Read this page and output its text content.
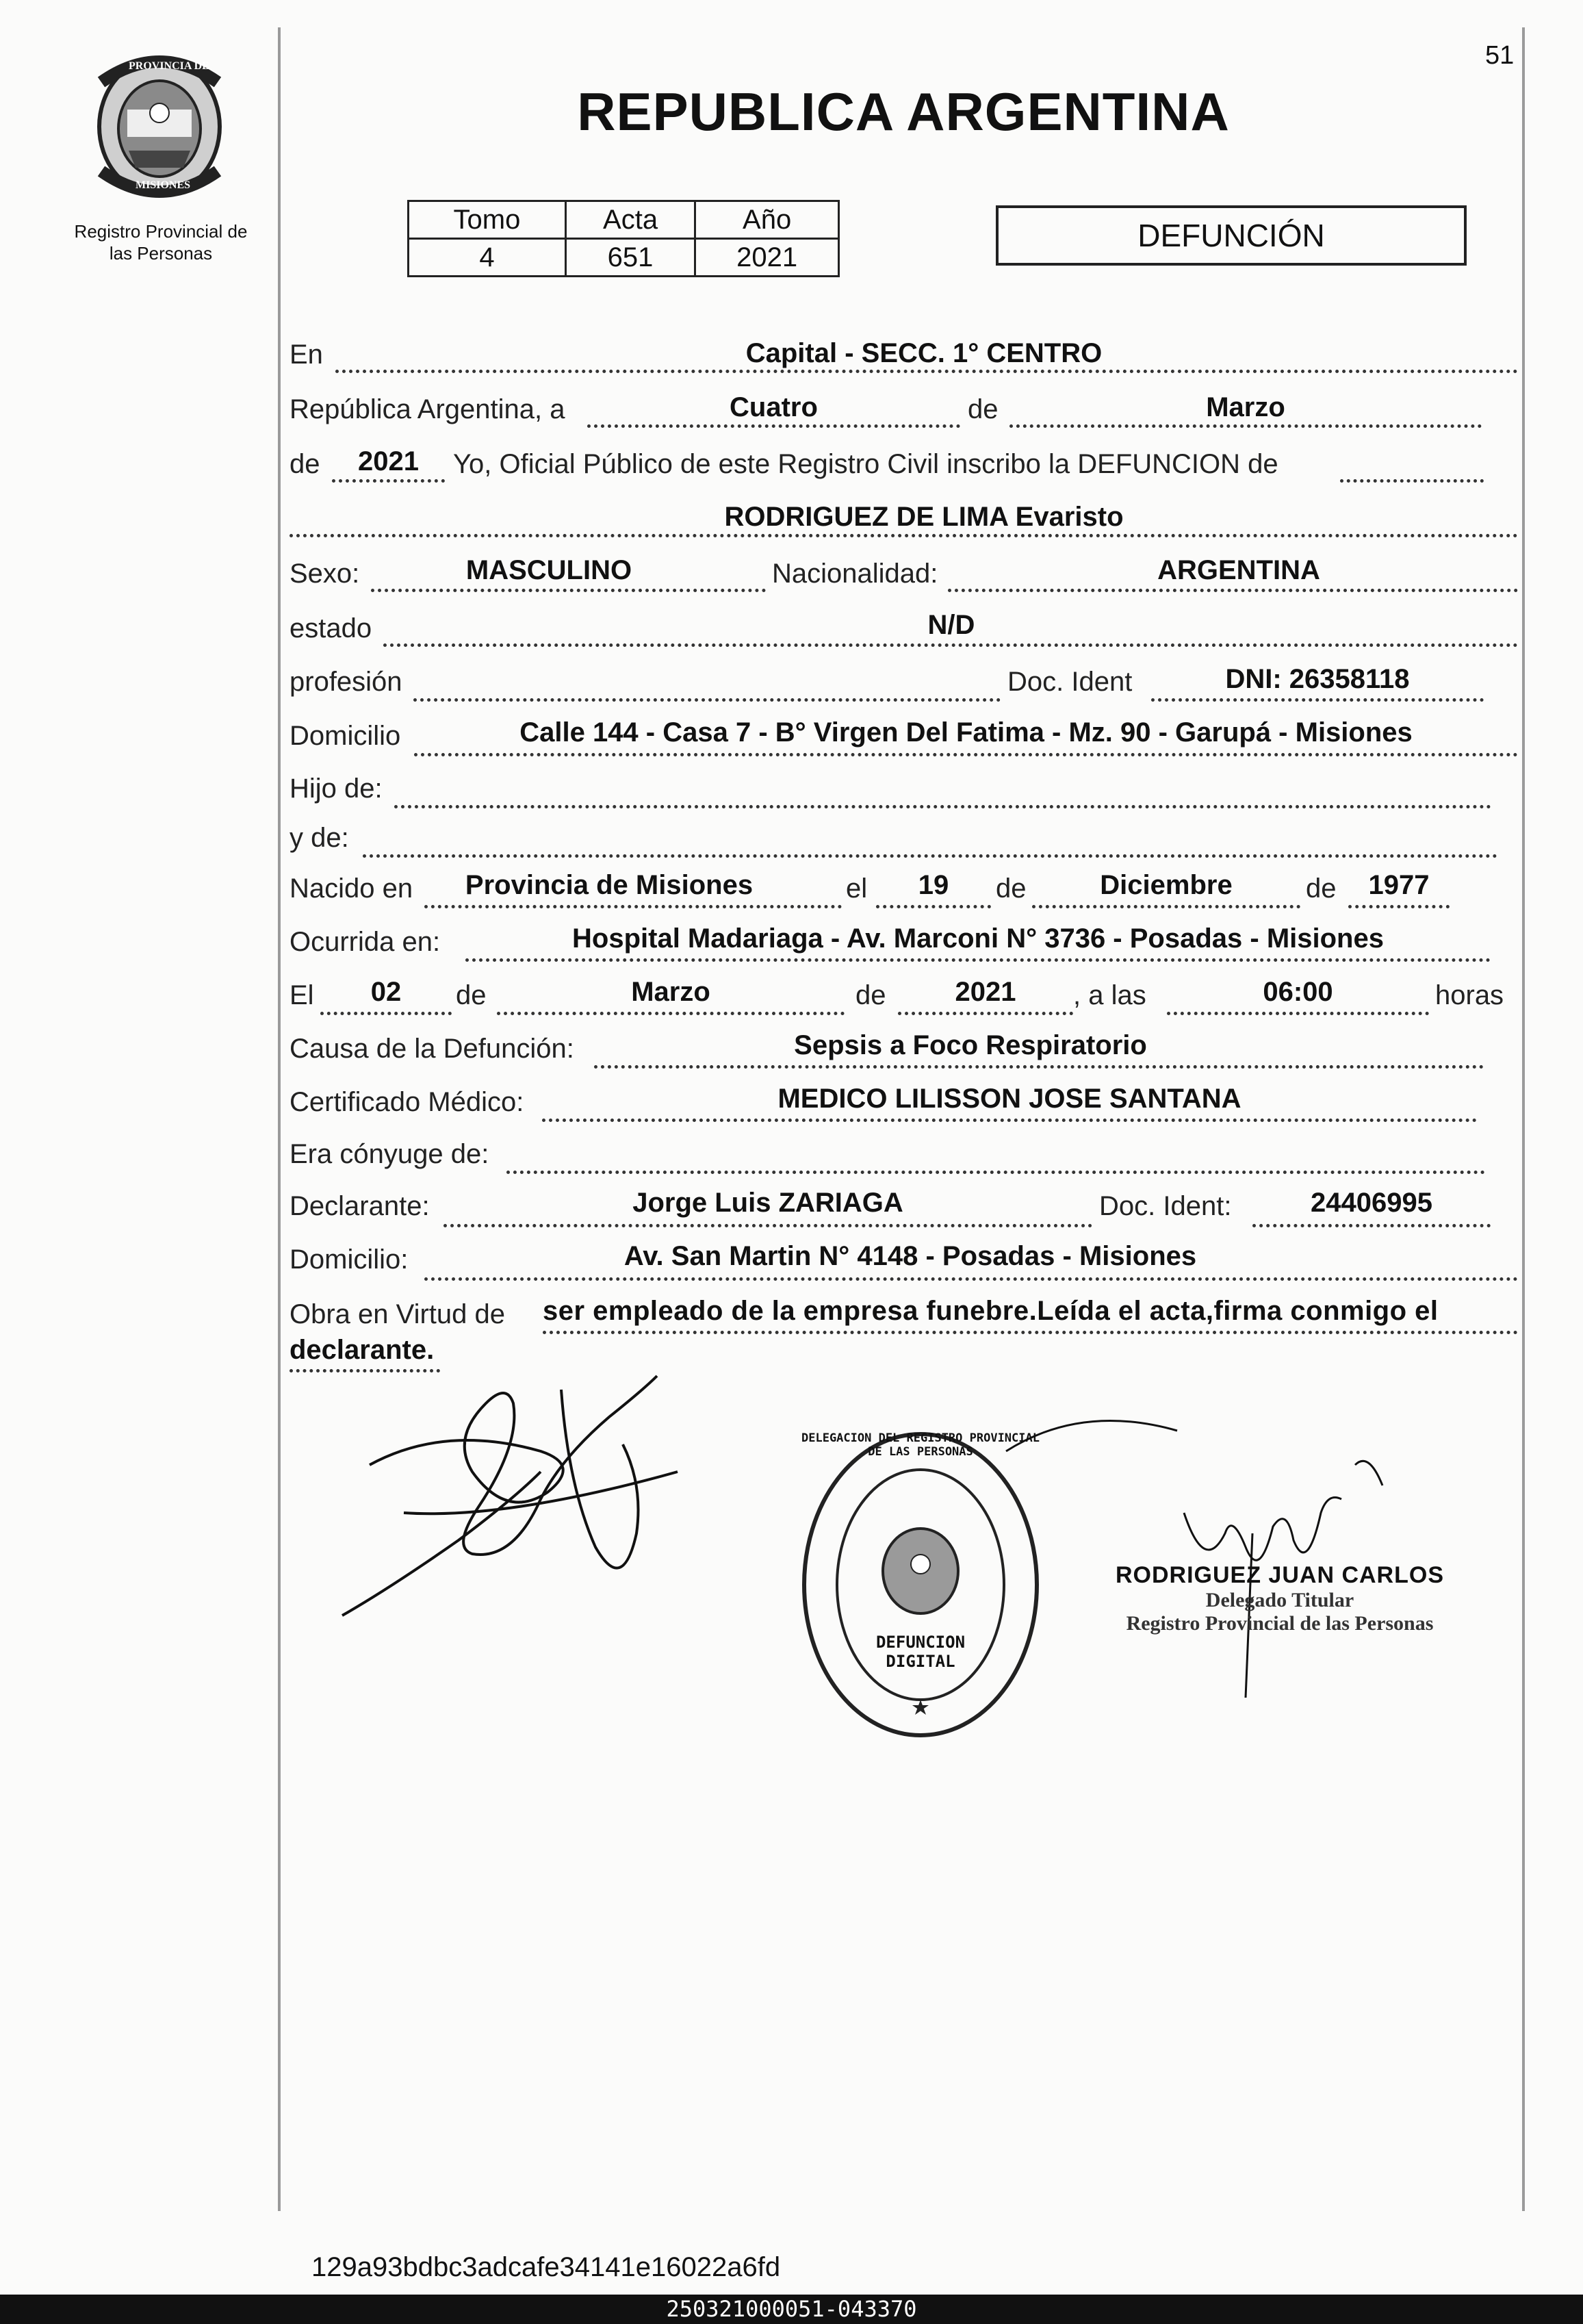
51
PROVINCIA DE
MISIONES
Registro Provincial de
las Personas
REPUBLICA ARGENTINA
Tomo	Acta	Año
4	651	2021
DEFUNCIÓN
En	Capital - SECC. 1° CENTRO
República Argentina, a	Cuatro	de	Marzo
de	2021	Yo, Oficial Público de este Registro Civil inscribo la DEFUNCION de
RODRIGUEZ DE LIMA Evaristo
Sexo:	MASCULINO	Nacionalidad:	ARGENTINA
estado	N/D
profesión	Doc. Ident	DNI: 26358118
Domicilio	Calle 144 - Casa 7 - B° Virgen Del Fatima - Mz. 90 - Garupá - Misiones
Hijo de:
y de:
Nacido en	Provincia de Misiones	el	19	de	Diciembre	de	1977
Ocurrida en:	Hospital Madariaga - Av. Marconi N° 3736 - Posadas - Misiones
El	02	de	Marzo	de	2021	, a las	06:00	horas
Causa de la Defunción:	Sepsis a Foco Respiratorio
Certificado Médico:	MEDICO LILISSON JOSE SANTANA
Era cónyuge de:
Declarante:	Jorge Luis ZARIAGA	Doc. Ident:	24406995
Domicilio:	Av. San Martin N° 4148 - Posadas - Misiones
Obra en Virtud de ser empleado de la empresa funebre.Leída el acta,firma conmigo el
declarante.
DELEGACION DEL REGISTRO PROVINCIAL DE LAS PERSONAS
DEFUNCION DIGITAL
RODRIGUEZ JUAN CARLOS
Delegado Titular
Registro Provincial de las Personas
129a93bdbc3adcafe34141e16022a6fd
250321000051-043370
